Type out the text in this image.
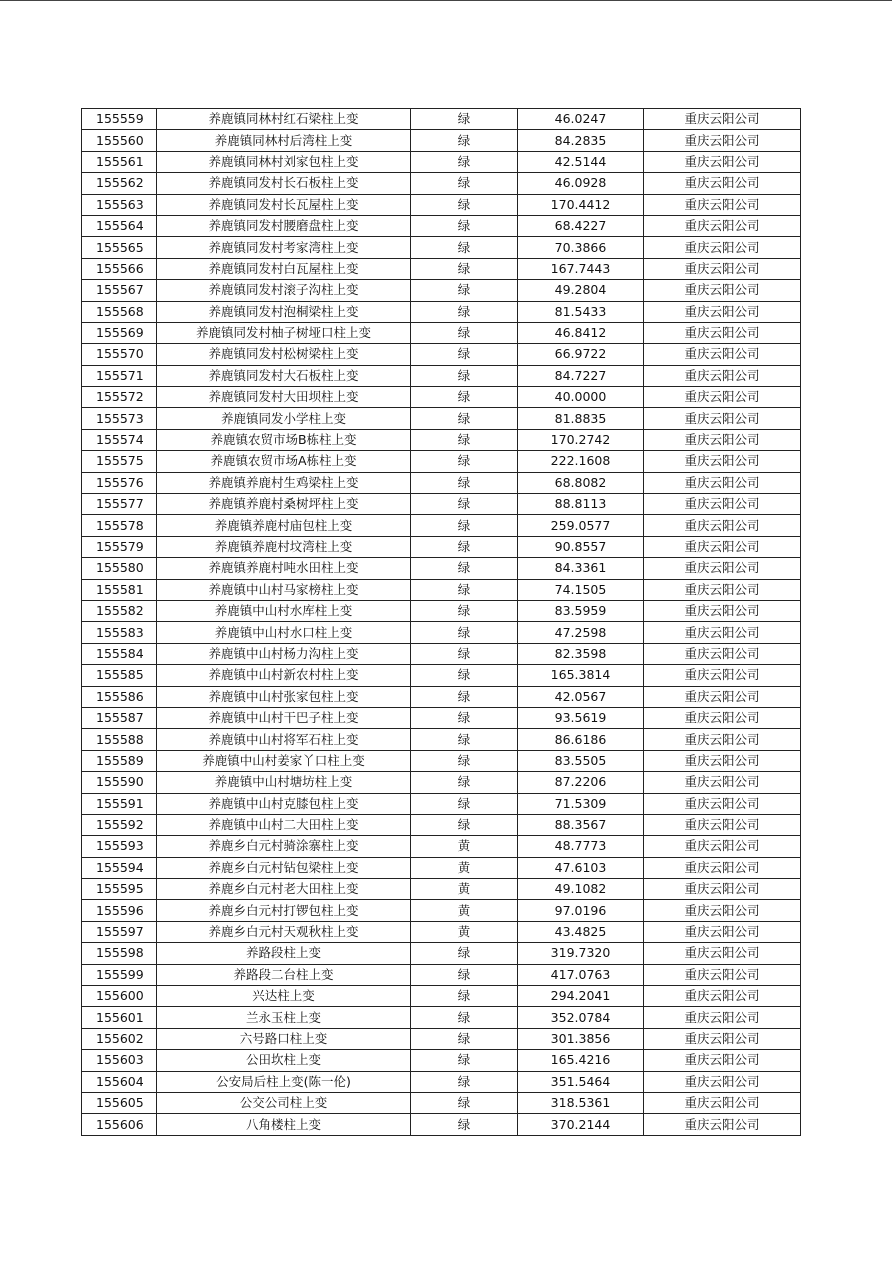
155559	养鹿镇同林村红石梁柱上变	绿	46.0247	重庆云阳公司
155560	养鹿镇同林村后湾柱上变	绿	84.2835	重庆云阳公司
155561	养鹿镇同林村刘家包柱上变	绿	42.5144	重庆云阳公司
155562	养鹿镇同发村长石板柱上变	绿	46.0928	重庆云阳公司
155563	养鹿镇同发村长瓦屋柱上变	绿	170.4412	重庆云阳公司
155564	养鹿镇同发村腰磨盘柱上变	绿	68.4227	重庆云阳公司
155565	养鹿镇同发村考家湾柱上变	绿	70.3866	重庆云阳公司
155566	养鹿镇同发村白瓦屋柱上变	绿	167.7443	重庆云阳公司
155567	养鹿镇同发村滚子沟柱上变	绿	49.2804	重庆云阳公司
155568	养鹿镇同发村泡桐梁柱上变	绿	81.5433	重庆云阳公司
155569	养鹿镇同发村柚子树垭口柱上变	绿	46.8412	重庆云阳公司
155570	养鹿镇同发村松树梁柱上变	绿	66.9722	重庆云阳公司
155571	养鹿镇同发村大石板柱上变	绿	84.7227	重庆云阳公司
155572	养鹿镇同发村大田坝柱上变	绿	40.0000	重庆云阳公司
155573	养鹿镇同发小学柱上变	绿	81.8835	重庆云阳公司
155574	养鹿镇农贸市场B栋柱上变	绿	170.2742	重庆云阳公司
155575	养鹿镇农贸市场A栋柱上变	绿	222.1608	重庆云阳公司
155576	养鹿镇养鹿村生鸡梁柱上变	绿	68.8082	重庆云阳公司
155577	养鹿镇养鹿村桑树坪柱上变	绿	88.8113	重庆云阳公司
155578	养鹿镇养鹿村庙包柱上变	绿	259.0577	重庆云阳公司
155579	养鹿镇养鹿村坟湾柱上变	绿	90.8557	重庆云阳公司
155580	养鹿镇养鹿村吨水田柱上变	绿	84.3361	重庆云阳公司
155581	养鹿镇中山村马家榜柱上变	绿	74.1505	重庆云阳公司
155582	养鹿镇中山村水库柱上变	绿	83.5959	重庆云阳公司
155583	养鹿镇中山村水口柱上变	绿	47.2598	重庆云阳公司
155584	养鹿镇中山村杨力沟柱上变	绿	82.3598	重庆云阳公司
155585	养鹿镇中山村新农村柱上变	绿	165.3814	重庆云阳公司
155586	养鹿镇中山村张家包柱上变	绿	42.0567	重庆云阳公司
155587	养鹿镇中山村干巴子柱上变	绿	93.5619	重庆云阳公司
155588	养鹿镇中山村将军石柱上变	绿	86.6186	重庆云阳公司
155589	养鹿镇中山村姜家丫口柱上变	绿	83.5505	重庆云阳公司
155590	养鹿镇中山村塘坊柱上变	绿	87.2206	重庆云阳公司
155591	养鹿镇中山村克膝包柱上变	绿	71.5309	重庆云阳公司
155592	养鹿镇中山村二大田柱上变	绿	88.3567	重庆云阳公司
155593	养鹿乡白元村骑涂寨柱上变	黄	48.7773	重庆云阳公司
155594	养鹿乡白元村钻包梁柱上变	黄	47.6103	重庆云阳公司
155595	养鹿乡白元村老大田柱上变	黄	49.1082	重庆云阳公司
155596	养鹿乡白元村打锣包柱上变	黄	97.0196	重庆云阳公司
155597	养鹿乡白元村天观秋柱上变	黄	43.4825	重庆云阳公司
155598	养路段柱上变	绿	319.7320	重庆云阳公司
155599	养路段二台柱上变	绿	417.0763	重庆云阳公司
155600	兴达柱上变	绿	294.2041	重庆云阳公司
155601	兰永玉柱上变	绿	352.0784	重庆云阳公司
155602	六号路口柱上变	绿	301.3856	重庆云阳公司
155603	公田坎柱上变	绿	165.4216	重庆云阳公司
155604	公安局后柱上变(陈一伦)	绿	351.5464	重庆云阳公司
155605	公交公司柱上变	绿	318.5361	重庆云阳公司
155606	八角楼柱上变	绿	370.2144	重庆云阳公司
